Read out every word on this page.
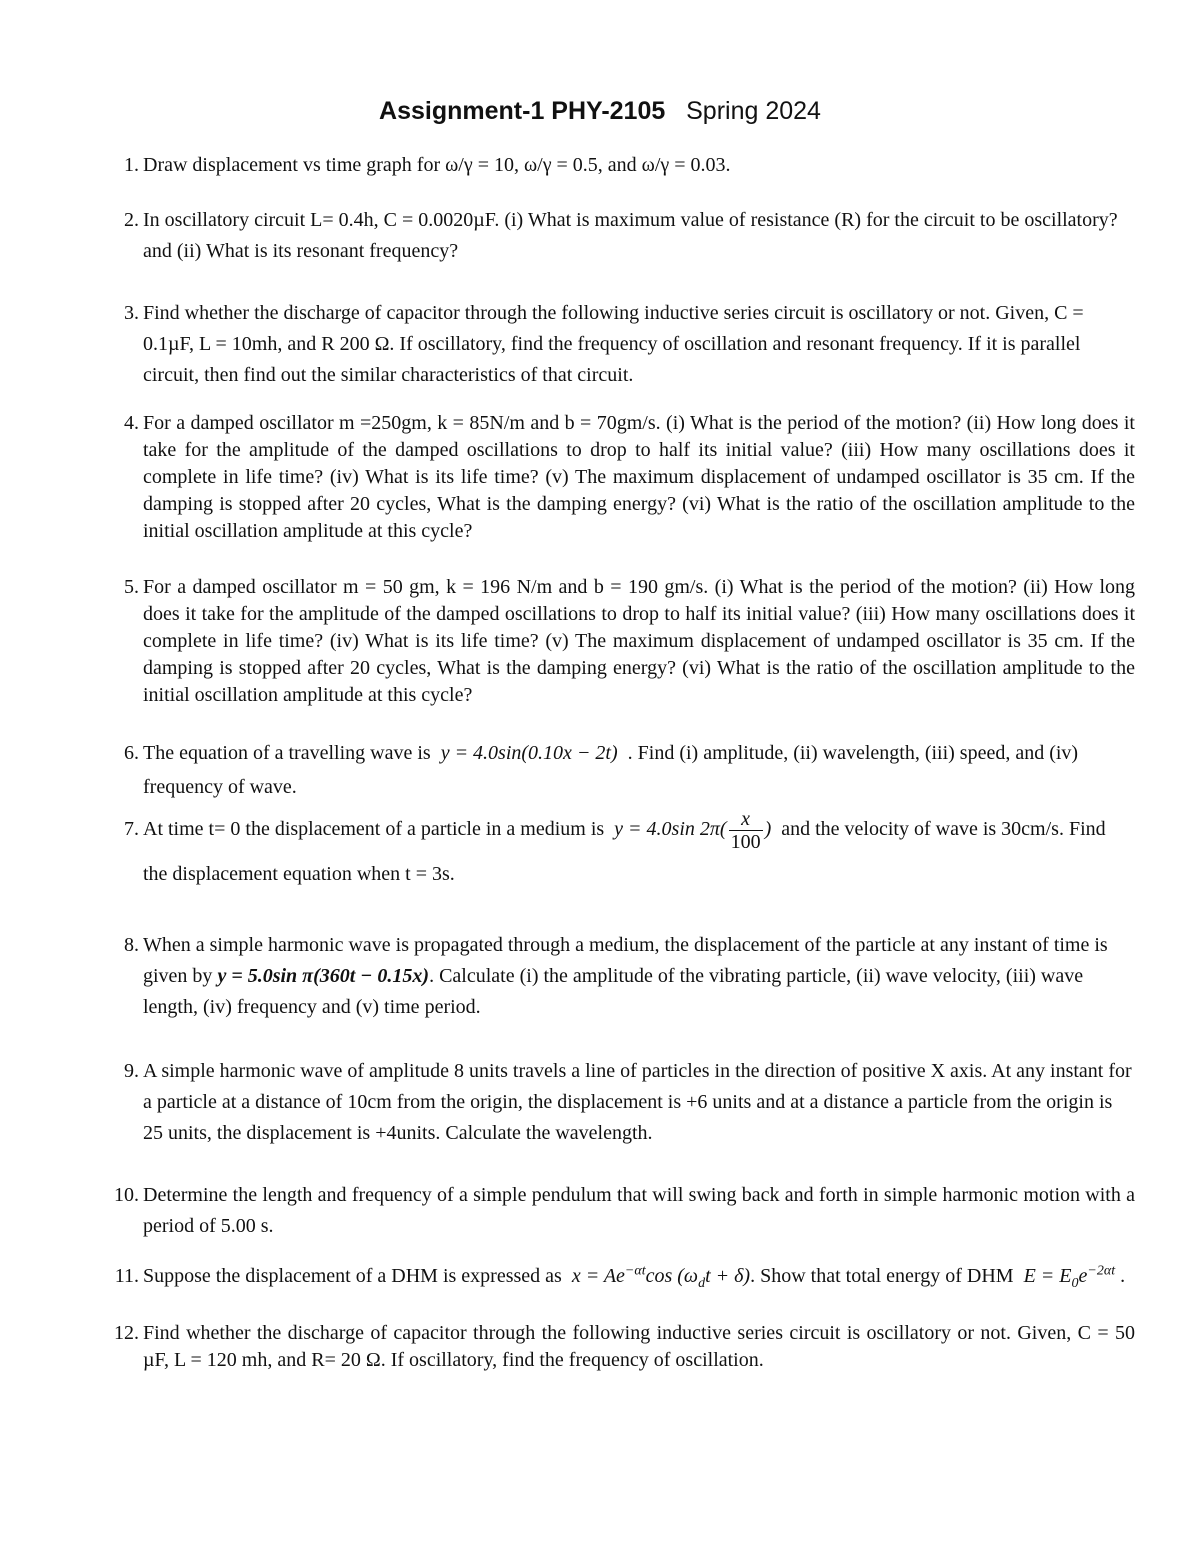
Assignment-1 PHY-2105 Spring 2024
1. Draw displacement vs time graph for ω/γ = 10, ω/γ = 0.5, and ω/γ = 0.03.
2. In oscillatory circuit L= 0.4h, C = 0.0020µF. (i) What is maximum value of resistance (R) for the circuit to be oscillatory? and (ii) What is its resonant frequency?
3. Find whether the discharge of capacitor through the following inductive series circuit is oscillatory or not. Given, C = 0.1µF, L = 10mh, and R 200 Ω. If oscillatory, find the frequency of oscillation and resonant frequency. If it is parallel circuit, then find out the similar characteristics of that circuit.
4. For a damped oscillator m =250gm, k = 85N/m and b = 70gm/s. (i) What is the period of the motion? (ii) How long does it take for the amplitude of the damped oscillations to drop to half its initial value? (iii) How many oscillations does it complete in life time? (iv) What is its life time? (v) The maximum displacement of undamped oscillator is 35 cm. If the damping is stopped after 20 cycles, What is the damping energy? (vi) What is the ratio of the oscillation amplitude to the initial oscillation amplitude at this cycle?
5. For a damped oscillator m = 50 gm, k = 196 N/m and b = 190 gm/s. (i) What is the period of the motion? (ii) How long does it take for the amplitude of the damped oscillations to drop to half its initial value? (iii) How many oscillations does it complete in life time? (iv) What is its life time? (v) The maximum displacement of undamped oscillator is 35 cm. If the damping is stopped after 20 cycles, What is the damping energy? (vi) What is the ratio of the oscillation amplitude to the initial oscillation amplitude at this cycle?
6. The equation of a travelling wave is y = 4.0sin(0.10x − 2t) . Find (i) amplitude, (ii) wavelength, (iii) speed, and (iv) frequency of wave.
7. At time t= 0 the displacement of a particle in a medium is y = 4.0sin $2\pi( \frac{x}{100}$ ) and the velocity of wave is 30cm/s. Find the displacement equation when t = 3s.
8. When a simple harmonic wave is propagated through a medium, the displacement of the particle at any instant of time is given by y = 5.0sin π(360t − 0.15x). Calculate (i) the amplitude of the vibrating particle, (ii) wave velocity, (iii) wave length, (iv) frequency and (v) time period.
9. A simple harmonic wave of amplitude 8 units travels a line of particles in the direction of positive X axis. At any instant for a particle at a distance of 10cm from the origin, the displacement is +6 units and at a distance a particle from the origin is 25 units, the displacement is +4units. Calculate the wavelength.
10. Determine the length and frequency of a simple pendulum that will swing back and forth in simple harmonic motion with a period of 5.00 s.
11. Suppose the displacement of a DHM is expressed as $x = Ae^{-\alpha t}\cos$ $(\omega_dt + \delta)$. Show that total energy of DHM $E = E_0e^{-2\alpha t}$ .
12. Find whether the discharge of capacitor through the following inductive series circuit is oscillatory or not. Given, C = 50 µF, L = 120 mh, and R= 20 Ω. If oscillatory, find the frequency of oscillation.
